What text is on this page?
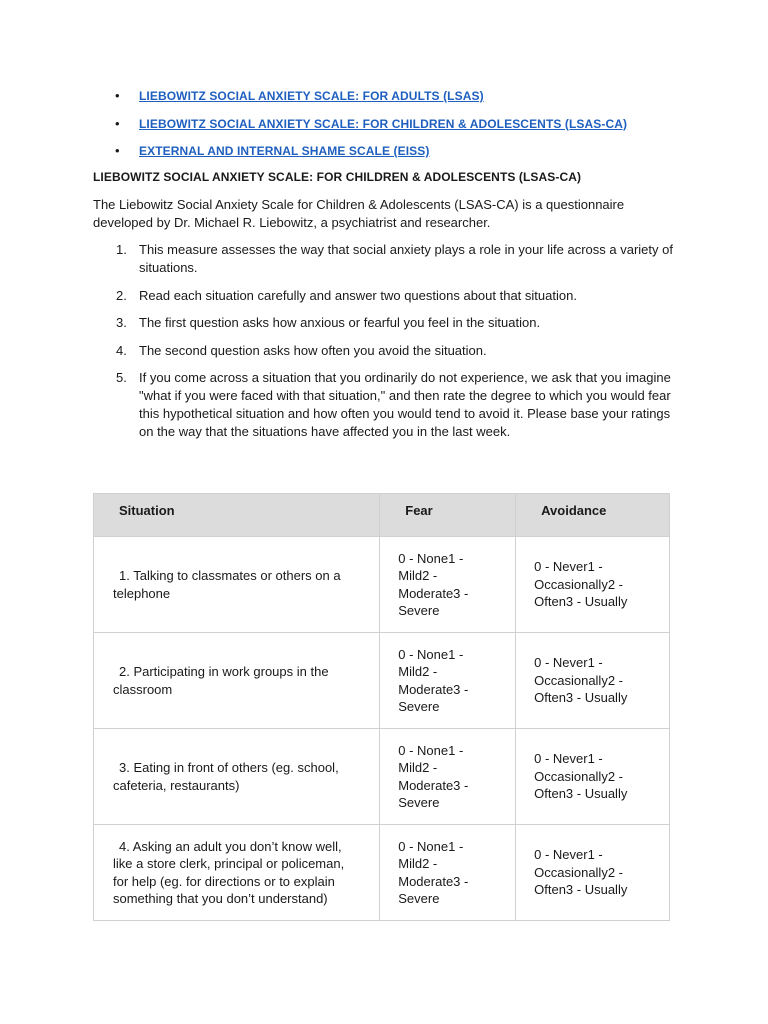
• LIEBOWITZ SOCIAL ANXIETY SCALE: FOR ADULTS (LSAS)
• LIEBOWITZ SOCIAL ANXIETY SCALE: FOR CHILDREN & ADOLESCENTS (LSAS-CA)
• EXTERNAL AND INTERNAL SHAME SCALE (EISS)
LIEBOWITZ SOCIAL ANXIETY SCALE: FOR CHILDREN & ADOLESCENTS (LSAS-CA)
The Liebowitz Social Anxiety Scale for Children & Adolescents (LSAS-CA) is a questionnaire developed by Dr. Michael R. Liebowitz, a psychiatrist and researcher.
1. This measure assesses the way that social anxiety plays a role in your life across a variety of situations.
2. Read each situation carefully and answer two questions about that situation.
3. The first question asks how anxious or fearful you feel in the situation.
4. The second question asks how often you avoid the situation.
5. If you come across a situation that you ordinarily do not experience, we ask that you imagine "what if you were faced with that situation," and then rate the degree to which you would fear this hypothetical situation and how often you would tend to avoid it. Please base your ratings on the way that the situations have affected you in the last week.
Situation	Fear	Avoidance
1. Talking to classmates or others on a telephone	0 - None1 - Mild2 - Moderate3 - Severe	0 - Never1 - Occasionally2 - Often3 - Usually
2. Participating in work groups in the classroom	0 - None1 - Mild2 - Moderate3 - Severe	0 - Never1 - Occasionally2 - Often3 - Usually
3. Eating in front of others (eg. school, cafeteria, restaurants)	0 - None1 - Mild2 - Moderate3 - Severe	0 - Never1 - Occasionally2 - Often3 - Usually
4. Asking an adult you don’t know well, like a store clerk, principal or policeman, for help (eg. for directions or to explain something that you don’t understand)	0 - None1 - Mild2 - Moderate3 - Severe	0 - Never1 - Occasionally2 - Often3 - Usually
